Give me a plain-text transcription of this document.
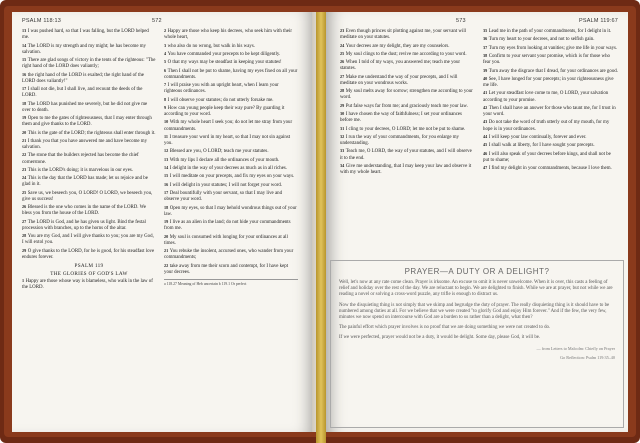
PSALM 118:13	572
13 I was pushed hard, so that I was falling, but the LORD helped me.
14 The LORD is my strength and my might; he has become my salvation.
15 There are glad songs of victory in the tents of the righteous: "The right hand of the LORD does valiantly;
16 the right hand of the LORD is exalted; the right hand of the LORD does valiantly!"
17 I shall not die, but I shall live, and recount the deeds of the LORD.
18 The LORD has punished me severely, but he did not give me over to death.
19 Open to me the gates of righteousness, that I may enter through them and give thanks to the LORD.
20 This is the gate of the LORD; the righteous shall enter through it.
21 I thank you that you have answered me and have become my salvation.
22 The stone that the builders rejected has become the chief cornerstone.
23 This is the LORD's doing; it is marvelous in our eyes.
24 This is the day that the LORD has made; let us rejoice and be glad in it.
25 Save us, we beseech you, O LORD! O LORD, we beseech you, give us success!
26 Blessed is the one who comes in the name of the LORD. We bless you from the house of the LORD.
27 The LORD is God, and he has given us light. Bind the festal procession with branches, up to the horns of the altar.
28 You are my God, and I will give thanks to you; you are my God, I will extol you.
29 O give thanks to the LORD, for he is good, for his steadfast love endures forever.
PSALM 119
THE GLORIES OF GOD'S LAW
1 Happy are those whose way is blameless, who walk in the law of the LORD.
2 Happy are those who keep his decrees, who seek him with their whole heart,
3 who also do no wrong, but walk in his ways.
4 You have commanded your precepts to be kept diligently.
5 O that my ways may be steadfast in keeping your statutes!
6 Then I shall not be put to shame, having my eyes fixed on all your commandments.
7 I will praise you with an upright heart, when I learn your righteous ordinances.
8 I will observe your statutes; do not utterly forsake me.
9 How can young people keep their way pure? By guarding it according to your word.
10 With my whole heart I seek you; do not let me stray from your commandments.
11 I treasure your word in my heart, so that I may not sin against you.
12 Blessed are you, O LORD; teach me your statutes.
13 With my lips I declare all the ordinances of your mouth.
14 I delight in the way of your decrees as much as in all riches.
15 I will meditate on your precepts, and fix my eyes on your ways.
16 I will delight in your statutes; I will not forget your word.
17 Deal bountifully with your servant, so that I may live and observe your word.
18 Open my eyes, so that I may behold wondrous things out of your law.
19 I live as an alien in the land; do not hide your commandments from me.
20 My soul is consumed with longing for your ordinances at all times.
21 You rebuke the insolent, accursed ones, who wander from your commandments;
22 take away from me their scorn and contempt, for I have kept your decrees.
a 118.27 Meaning of Heb uncertain b 119.1 Or perfect
573	PSALM 119:67
23 Even though princes sit plotting against me, your servant will meditate on your statutes.
24 Your decrees are my delight, they are my counselors.
25 My soul clings to the dust; revive me according to your word.
26 When I told of my ways, you answered me; teach me your statutes.
27 Make me understand the way of your precepts, and I will meditate on your wondrous works.
28 My soul melts away for sorrow; strengthen me according to your word.
29 Put false ways far from me; and graciously teach me your law.
30 I have chosen the way of faithfulness; I set your ordinances before me.
31 I cling to your decrees, O LORD; let me not be put to shame.
32 I run the way of your commandments, for you enlarge my understanding.
33 Teach me, O LORD, the way of your statutes, and I will observe it to the end.
34 Give me understanding, that I may keep your law and observe it with my whole heart.
35 Lead me in the path of your commandments, for I delight in it.
36 Turn my heart to your decrees, and not to selfish gain.
37 Turn my eyes from looking at vanities; give me life in your ways.
38 Confirm to your servant your promise, which is for those who fear you.
39 Turn away the disgrace that I dread, for your ordinances are good.
40 See, I have longed for your precepts; in your righteousness give me life.
41 Let your steadfast love come to me, O LORD, your salvation according to your promise.
42 Then I shall have an answer for those who taunt me, for I trust in your word.
43 Do not take the word of truth utterly out of my mouth, for my hope is in your ordinances.
44 I will keep your law continually, forever and ever.
45 I shall walk at liberty, for I have sought your precepts.
46 I will also speak of your decrees before kings, and shall not be put to shame;
47 I find my delight in your commandments, because I love them.
PRAYER—A DUTY OR A DELIGHT?
Well, let's now at any rate come clean. Prayer is irksome. An excuse to omit it is never unwelcome. When it is over, this casts a feeling of relief and holiday over the rest of the day. We are reluctant to begin. We are delighted to finish. While we are at prayer, but not while we are reading a novel or solving a cross-word puzzle, any trifle is enough to distract us.
Now the disquieting thing is not simply that we skimp and begrudge the duty of prayer. The really disquieting thing is it should have to be numbered among duties at all. For we believe that we were created "to glorify God and enjoy Him forever." And if the few, the very few, minutes we now spend on intercourse with God are a burden to us rather than a delight, what then?
The painful effort which prayer involves is no proof that we are doing something we were not created to do.
If we were perfected, prayer would not be a duty, it would be delight. Some day, please God, it will be.
— from Letters to Malcolm: Chiefly on Prayer
Go Reflection: Psalm 119:35–40
